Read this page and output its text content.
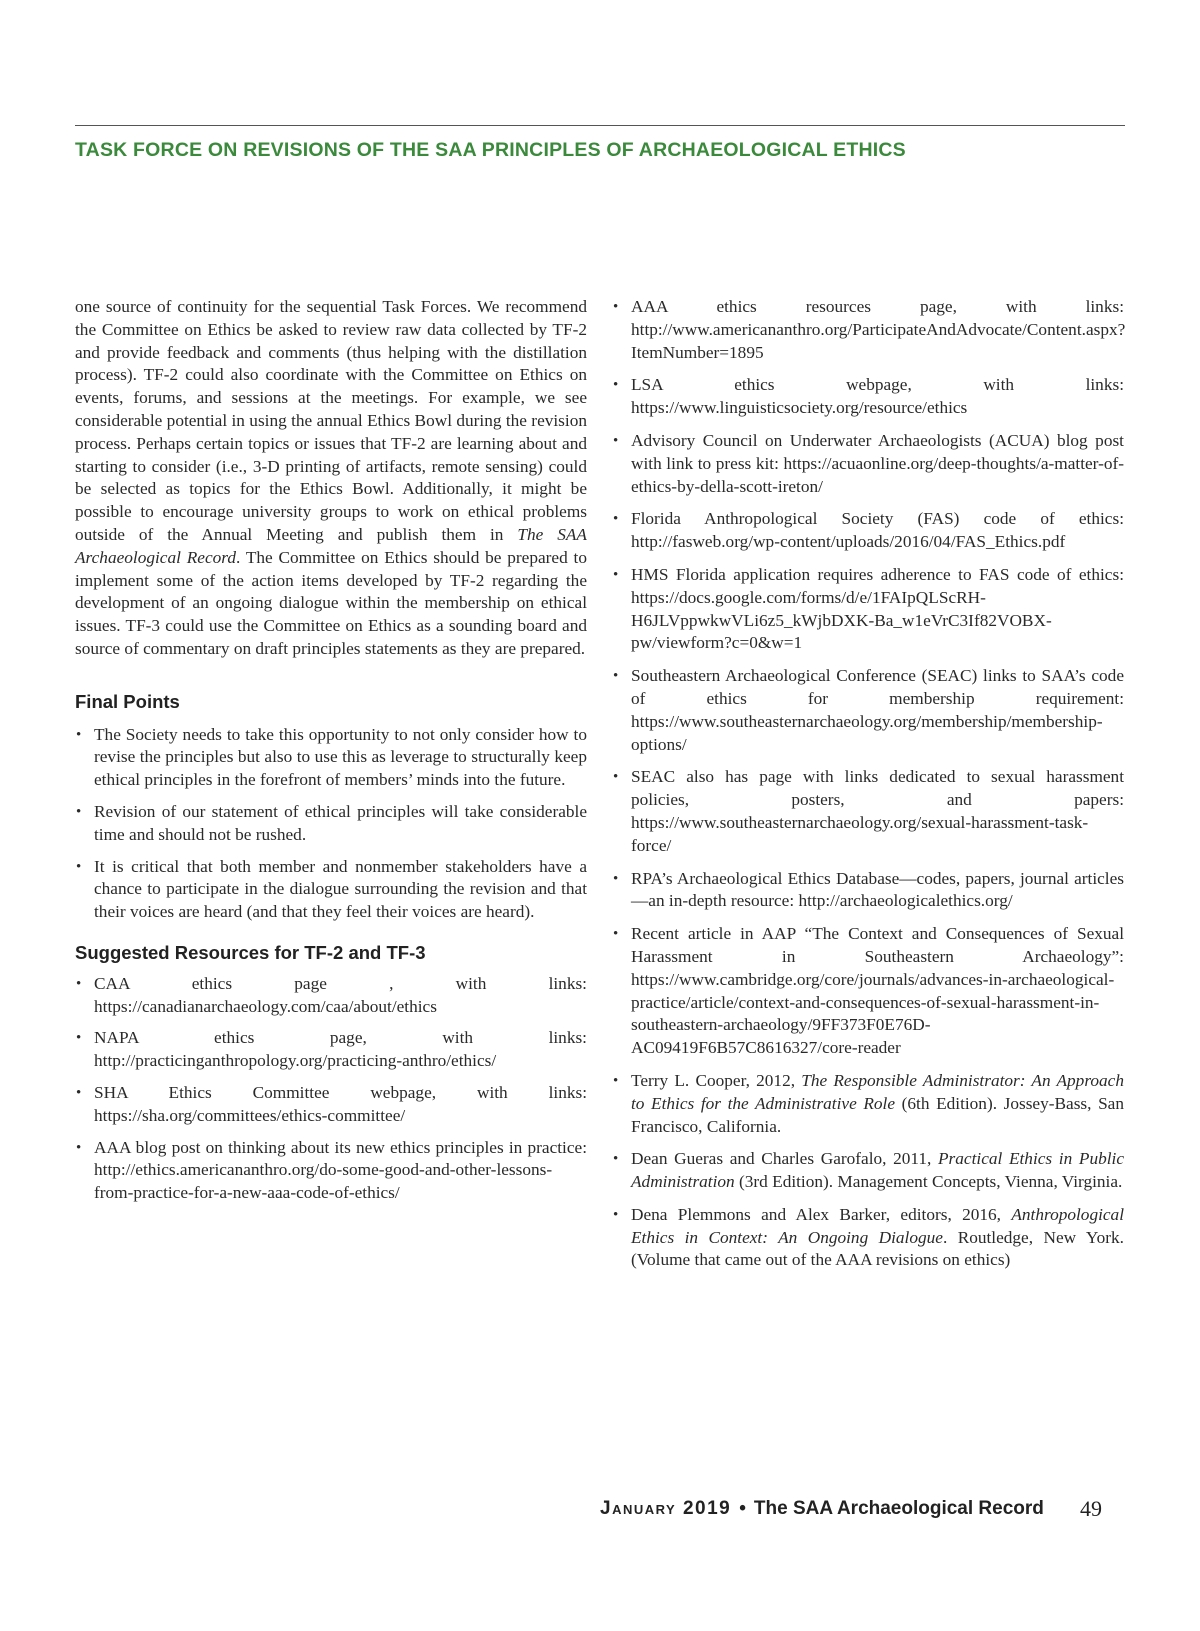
TASK FORCE ON REVISIONS OF THE SAA PRINCIPLES OF ARCHAEOLOGICAL ETHICS

one source of continuity for the sequential Task Forces. We recommend the Committee on Ethics be asked to review raw data collected by TF-2 and provide feedback and comments (thus helping with the distillation process). TF-2 could also coordinate with the Committee on Ethics on events, forums, and sessions at the meetings. For example, we see considerable potential in using the annual Ethics Bowl during the revision process. Perhaps certain topics or issues that TF-2 are learning about and starting to consider (i.e., 3-D printing of artifacts, remote sensing) could be selected as topics for the Ethics Bowl. Additionally, it might be possible to encourage university groups to work on ethical problems outside of the Annual Meeting and publish them in The SAA Archaeological Record. The Committee on Ethics should be prepared to implement some of the action items developed by TF-2 regarding the development of an ongoing dialogue within the membership on ethical issues. TF-3 could use the Committee on Ethics as a sounding board and source of commentary on draft principles statements as they are prepared.

Final Points
• The Society needs to take this opportunity to not only consider how to revise the principles but also to use this as leverage to structurally keep ethical principles in the forefront of members’ minds into the future.
• Revision of our statement of ethical principles will take considerable time and should not be rushed.
• It is critical that both member and nonmember stakeholders have a chance to participate in the dialogue surrounding the revision and that their voices are heard (and that they feel their voices are heard).
Suggested Resources for TF-2 and TF-3
• CAA ethics page , with links: https://canadianarchaeology.com/caa/about/ethics
• NAPA ethics page, with links: http://practicinganthropology.org/practicing-anthro/ethics/
• SHA Ethics Committee webpage, with links: https://sha.org/committees/ethics-committee/
• AAA blog post on thinking about its new ethics principles in practice: http://ethics.americananthro.org/do-some-good-and-other-lessons-from-practice-for-a-new-aaa-code-of-ethics/
• AAA ethics resources page, with links: http://www.americananthro.org/ParticipateAndAdvocate/Content.aspx?ItemNumber=1895
• LSA ethics webpage, with links: https://www.linguisticsociety.org/resource/ethics
• Advisory Council on Underwater Archaeologists (ACUA) blog post with link to press kit: https://acuaonline.org/deep-thoughts/a-matter-of-ethics-by-della-scott-ireton/
• Florida Anthropological Society (FAS) code of ethics: http://fasweb.org/wp-content/uploads/2016/04/FAS_Ethics.pdf
• HMS Florida application requires adherence to FAS code of ethics: https://docs.google.com/forms/d/e/1FAIpQLScRH-H6JLVppwkwVLi6z5_kWjbDXK-Ba_w1eVrC3If82VOBX-pw/viewform?c=0&w=1
• Southeastern Archaeological Conference (SEAC) links to SAA’s code of ethics for membership requirement: https://www.southeasternarchaeology.org/membership/membership-options/
• SEAC also has page with links dedicated to sexual harassment policies, posters, and papers: https://www.southeasternarchaeology.org/sexual-harassment-task-force/
• RPA’s Archaeological Ethics Database—codes, papers, journal articles—an in-depth resource: http://archaeologicalethics.org/
• Recent article in AAP “The Context and Consequences of Sexual Harassment in Southeastern Archaeology”: https://www.cambridge.org/core/journals/advances-in-archaeological-practice/article/context-and-consequences-of-sexual-harassment-in-southeastern-archaeology/9FF373F0E76D-AC09419F6B57C8616327/core-reader
• Terry L. Cooper, 2012, The Responsible Administrator: An Approach to Ethics for the Administrative Role (6th Edition). Jossey-Bass, San Francisco, California.
• Dean Gueras and Charles Garofalo, 2011, Practical Ethics in Public Administration (3rd Edition). Management Concepts, Vienna, Virginia.
• Dena Plemmons and Alex Barker, editors, 2016, Anthropological Ethics in Context: An Ongoing Dialogue. Routledge, New York. (Volume that came out of the AAA revisions on ethics)
January 2019 • The SAA Archaeological Record 49
